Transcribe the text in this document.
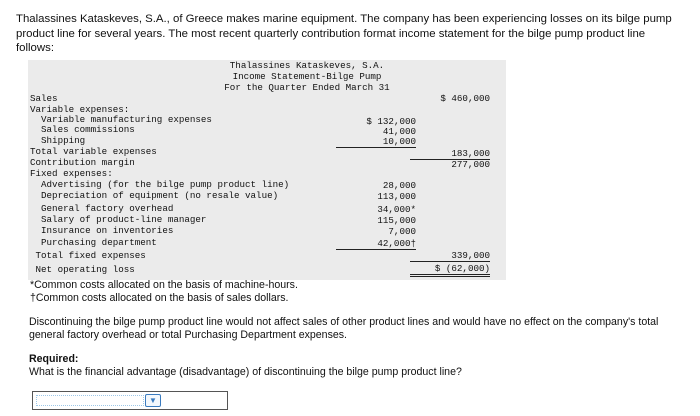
Thalassines Kataskeves, S.A., of Greece makes marine equipment. The company has been experiencing losses on its bilge pump product line for several years. The most recent quarterly contribution format income statement for the bilge pump product line follows:
Thalassines Kataskeves, S.A.
Income Statement-Bilge Pump
For the Quarter Ended March 31
Sales	$ 460,000
Variable expenses:
Variable manufacturing expenses	$ 132,000
Sales commissions	41,000
Shipping	10,000
Total variable expenses	183,000
Contribution margin	277,000
Fixed expenses:
Advertising (for the bilge pump product line)	28,000
Depreciation of equipment (no resale value)	113,000
General factory overhead	34,000*
Salary of product-line manager	115,000
Insurance on inventories	7,000
Purchasing department	42,000†
Total fixed expenses	339,000
Net operating loss	$ (62,000)
*Common costs allocated on the basis of machine-hours.
†Common costs allocated on the basis of sales dollars.
Discontinuing the bilge pump product line would not affect sales of other product lines and would have no effect on the company's total general factory overhead or total Purchasing Department expenses.
Required:
What is the financial advantage (disadvantage) of discontinuing the bilge pump product line?
▼
